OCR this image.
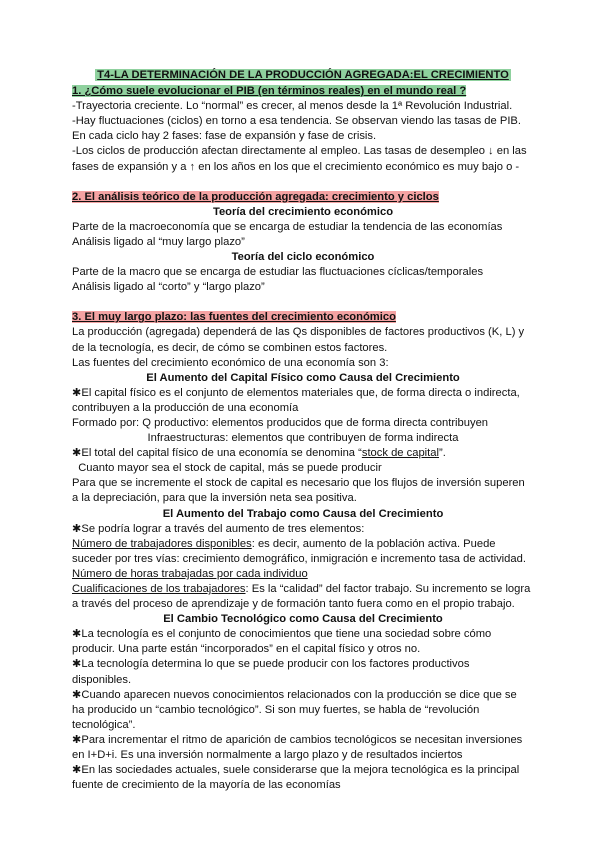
T4-LA DETERMINACIÓN DE LA PRODUCCIÓN AGREGADA:EL CRECIMIENTO
1. ¿Cómo suele evolucionar el PIB (en términos reales) en el mundo real ?
-Trayectoria creciente. Lo “normal” es crecer, al menos desde la 1ª Revolución Industrial.
-Hay fluctuaciones (ciclos) en torno a esa tendencia. Se observan viendo las tasas de PIB.
En cada ciclo hay 2 fases: fase de expansión y fase de crisis.
-Los ciclos de producción afectan directamente al empleo. Las tasas de desempleo ↓ en las
fases de expansión y a ↑ en los años en los que el crecimiento económico es muy bajo o -
2. El análisis teórico de la producción agregada: crecimiento y ciclos
Teoría del crecimiento económico
Parte de la macroeconomía que se encarga de estudiar la tendencia de las economías
Análisis ligado al “muy largo plazo”
Teoría del ciclo económico
Parte de la macro que se encarga de estudiar las fluctuaciones cíclicas/temporales
Análisis ligado al “corto” y “largo plazo”
3. El muy largo plazo: las fuentes del crecimiento económico
La producción (agregada) dependerá de las Qs disponibles de factores productivos (K, L) y
de la tecnología, es decir, de cómo se combinen estos factores.
Las fuentes del crecimiento económico de una economía son 3:
El Aumento del Capital Físico como Causa del Crecimiento
✱El capital físico es el conjunto de elementos materiales que, de forma directa o indirecta,
contribuyen a la producción de una economía
Formado por: Q productivo: elementos producidos que de forma directa contribuyen
Infraestructuras: elementos que contribuyen de forma indirecta
✱El total del capital físico de una economía se denomina “stock de capital”.
Cuanto mayor sea el stock de capital, más se puede producir
Para que se incremente el stock de capital es necesario que los flujos de inversión superen
a la depreciación, para que la inversión neta sea positiva.
El Aumento del Trabajo como Causa del Crecimiento
✱Se podría lograr a través del aumento de tres elementos:
Número de trabajadores disponibles: es decir, aumento de la población activa. Puede
suceder por tres vías: crecimiento demográfico, inmigración e incremento tasa de actividad.
Número de horas trabajadas por cada individuo
Cualificaciones de los trabajadores: Es la “calidad” del factor trabajo. Su incremento se logra
a través del proceso de aprendizaje y de formación tanto fuera como en el propio trabajo.
El Cambio Tecnológico como Causa del Crecimiento
✱La tecnología es el conjunto de conocimientos que tiene una sociedad sobre cómo
producir. Una parte están “incorporados” en el capital físico y otros no.
✱La tecnología determina lo que se puede producir con los factores productivos
disponibles.
✱Cuando aparecen nuevos conocimientos relacionados con la producción se dice que se
ha producido un “cambio tecnológico”. Si son muy fuertes, se habla de “revolución
tecnológica”.
✱Para incrementar el ritmo de aparición de cambios tecnológicos se necesitan inversiones
en I+D+i. Es una inversión normalmente a largo plazo y de resultados inciertos
✱En las sociedades actuales, suele considerarse que la mejora tecnológica es la principal
fuente de crecimiento de la mayoría de las economías
